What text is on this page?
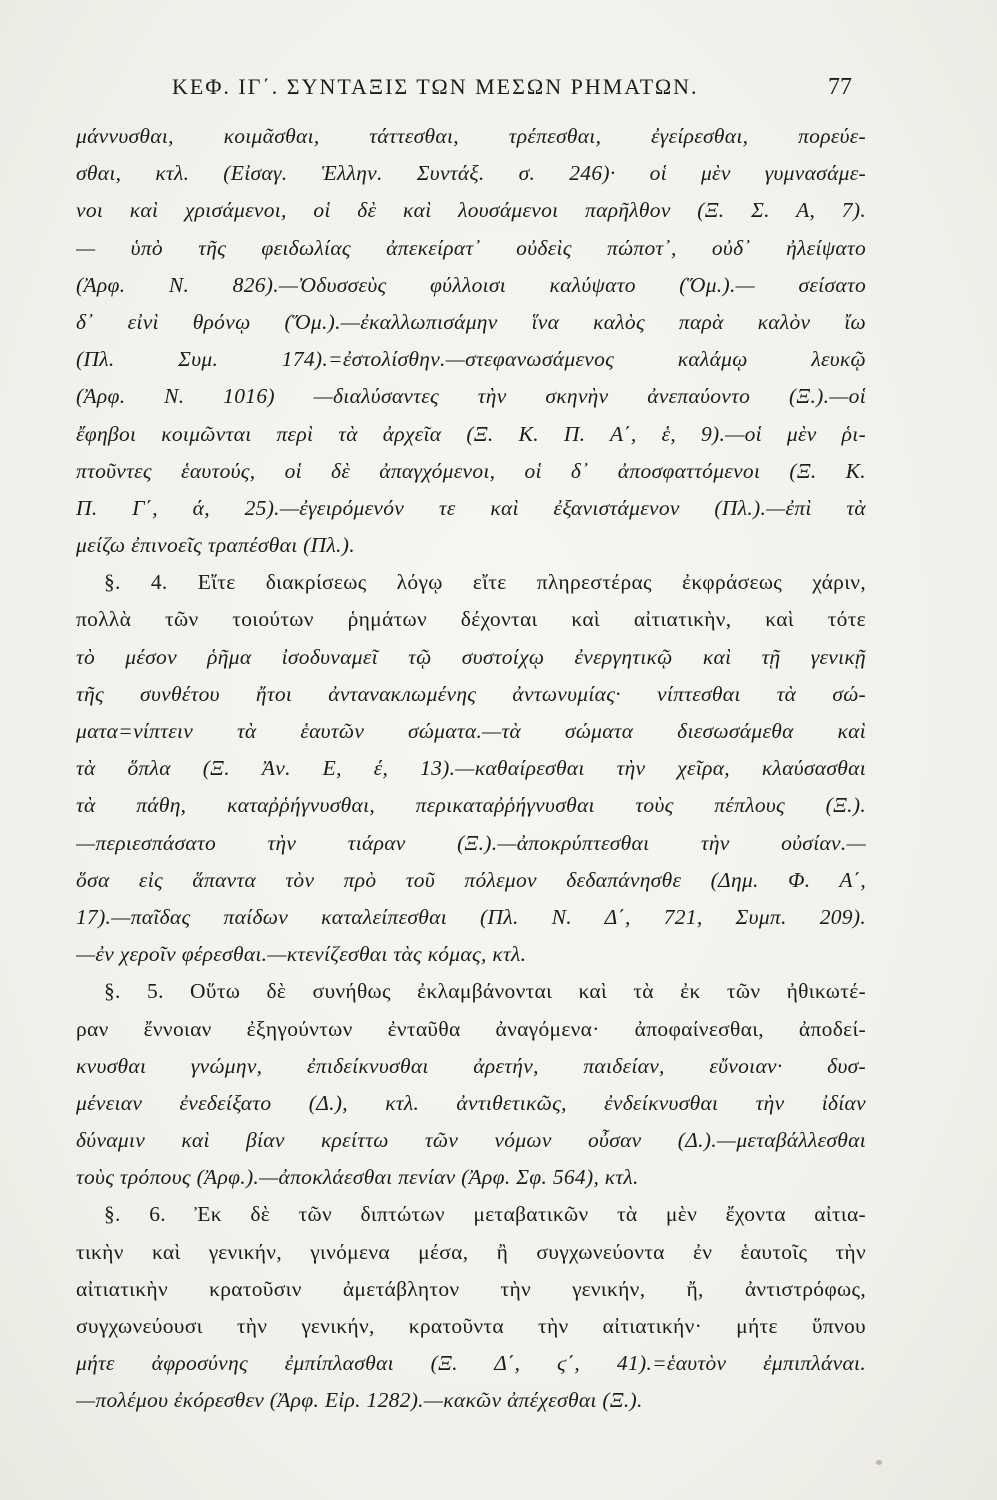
ΚΕΦ. ΙΓ΄. ΣΥΝΤΑΞΙΣ ΤΩΝ ΜΕΣΩΝ ΡΗΜΑΤΩΝ.	77
μάννυσθαι, κοιμᾶσθαι, τάττεσθαι, τρέπεσθαι, ἐγείρεσθαι, πορεύε-
σθαι, κτλ. (Εἰσαγ. Ἑλλην. Συντάξ. σ. 246)· οἱ μὲν γυμνασάμε-
νοι καὶ χρισάμενοι, οἱ δὲ καὶ λουσάμενοι παρῆλθον (Ξ. Σ. Α, 7).
— ὑπὸ τῆς φειδωλίας ἀπεκείρατ᾿ οὐδεὶς πώποτ᾿, οὐδ᾿ ἠλείψατο
(Ἀρφ. Ν. 826).—Ὀδυσσεὺς φύλλοισι καλύψατο (Ὅμ.).— σείσατο
δ᾿ εἰνὶ θρόνῳ (Ὅμ.).—ἐκαλλωπισάμην ἵνα καλὸς παρὰ καλὸν ἴω
(Πλ. Συμ. 174).=ἐστολίσθην.—στεφανωσάμενος καλάμῳ λευκῷ
(Ἀρφ. Ν. 1016) —διαλύσαντες τὴν σκηνὴν ἀνεπαύοντο (Ξ.).—οἱ
ἔφηβοι κοιμῶνται περὶ τὰ ἀρχεῖα (Ξ. Κ. Π. Α΄, ἑ, 9).—οἱ μὲν ῥι-
πτοῦντες ἑαυτούς, οἱ δὲ ἀπαγχόμενοι, οἱ δ᾿ ἀποσφαττόμενοι (Ξ. Κ.
Π. Γ΄, ά, 25).—ἐγειρόμενόν τε καὶ ἐξανιστάμενον (Πλ.).—ἐπὶ τὰ
μείζω ἐπινοεῖς τραπέσθαι (Πλ.).
§. 4. Εἴτε διακρίσεως λόγῳ εἴτε πληρεστέρας ἐκφράσεως χάριν,
πολλὰ τῶν τοιούτων ῥημάτων δέχονται καὶ αἰτιατικὴν, καὶ τότε
τὸ μέσον ῥῆμα ἰσοδυναμεῖ τῷ συστοίχῳ ἐνεργητικῷ καὶ τῇ γενικῇ
τῆς συνθέτου ἤτοι ἀνταναклωμένης ἀντωνυμίας· νίπτεσθαι τὰ σώ-
ματα=νίπτειν τὰ ἑαυτῶν σώματα.—τὰ σώματα διεσωσάμεθα καὶ
τὰ ὅπλα (Ξ. Ἀν. Ε, έ, 13).—καθαίρεσθαι τὴν χεῖρα, κλαύσασθαι
τὰ πάθη, καταῤῥήγνυσθαι, περικαταῤῥήγνυσθαι τοὺς πέπλους (Ξ.).
—περιεσπάσατο τὴν τιάραν (Ξ.).—ἀποκρύπτεσθαι τὴν οὐσίαν.—
ὅσα εἰς ἅπαντα τὸν πρὸ τοῦ πόλεμον δεδαπάνησθε (Δημ. Φ. Α΄,
17).—παῖδας παίδων καταλείπεσθαι (Πλ. Ν. Δ΄, 721, Συμπ. 209).
—ἐν χεροῖν φέρεσθαι.—κτενίζεσθαι τὰς κόμας, κτλ.
§. 5. Οὕτω δὲ συνήθως ἐκλαμβάνονται καὶ τὰ ἐκ τῶν ἠθικωτέ-
ραν ἔννοιαν ἐξηγούντων ἐνταῦθα ἀναγόμενα· ἀποφαίνεσθαι, ἀποδεί-
κνυσθαι γνώμην, ἐπιδείκνυσθαι ἀρετήν, παιδείαν, εὔνοιαν· δυσ-
μένειαν ἐνεδείξατο (Δ.), κτλ. ἀντιθετικῶς, ἐνδείκνυσθαι τὴν ἰδίαν
δύναμιν καὶ βίαν κρείττω τῶν νόμων οὖσαν (Δ.).—μεταβάλλεσθαι
τοὺς τρόπους (Ἀρφ.).—ἀποκλάεσθαι πενίαν (Ἀρφ. Σφ. 564), κτλ.
§. 6. Ἐκ δὲ τῶν διπτώτων μεταβατικῶν τὰ μὲν ἔχοντα αἰτια-
τικὴν καὶ γενικήν, γινόμενα μέσα, ἢ συγχωνεύοντα ἐν ἑαυτοῖς τὴν
αἰτιατικὴν κρατοῦσιν ἀμετάβλητον τὴν γενικήν, ἤ, ἀντιστρόφως,
συγχωνεύουσι τὴν γενικήν, κρατοῦντα τὴν αἰτιατικήν· μήτε ὕπνου
μήτε ἀφροσύνης ἐμπίπλασθαι (Ξ. Δ΄, ϛ΄, 41).=ἑαυτὸν ἐμπιπλάναι.
—πολέμου ἐκόρεσθεν (Ἀρφ. Εἰρ. 1282).—κακῶν ἀπέχεσθαι (Ξ.).
